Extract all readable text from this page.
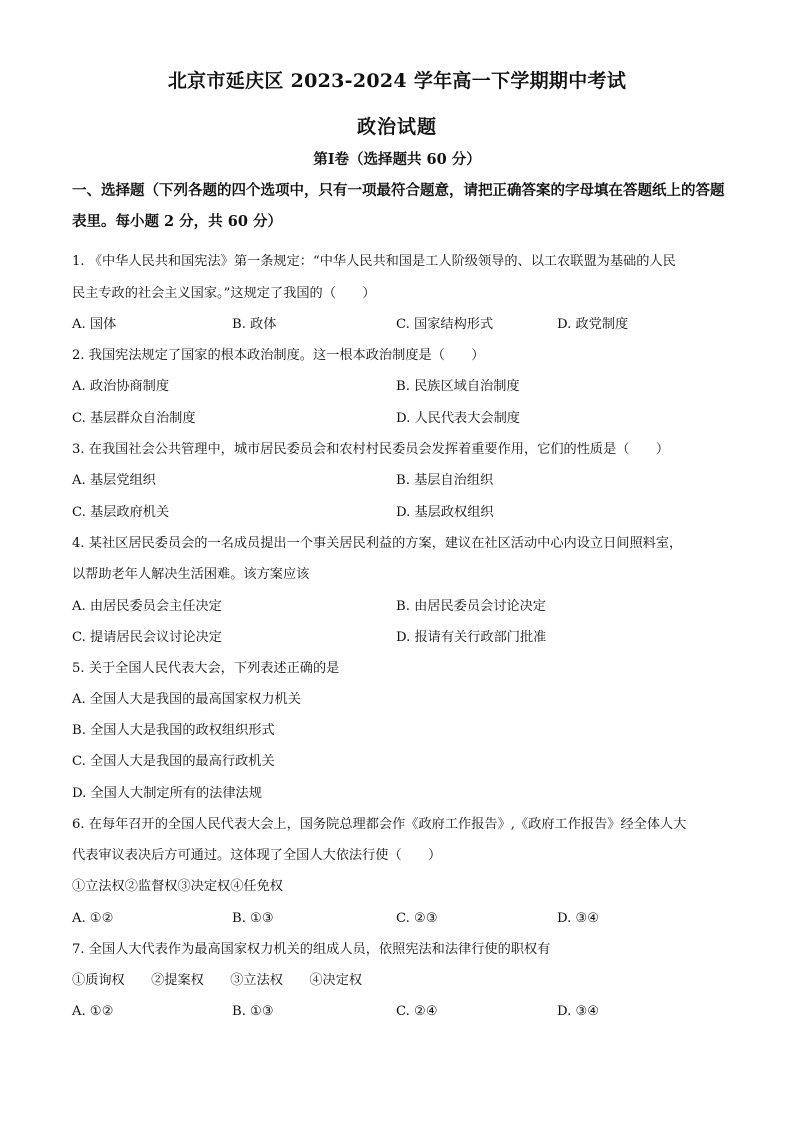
北京市延庆区 2023-2024 学年高一下学期期中考试
政治试题
第Ⅰ卷（选择题共 60 分）
一、选择题（下列各题的四个选项中，只有一项最符合题意，请把正确答案的字母填在答题纸上的答题表里。每小题 2 分，共 60 分）
1. 《中华人民共和国宪法》第一条规定：“中华人民共和国是工人阶级领导的、以工农联盟为基础的人民
民主专政的社会主义国家。”这规定了我国的（　　）
A. 国体	B. 政体	C. 国家结构形式	D. 政党制度
2. 我国宪法规定了国家的根本政治制度。这一根本政治制度是（　　）
A. 政治协商制度	B. 民族区域自治制度
C. 基层群众自治制度	D. 人民代表大会制度
3. 在我国社会公共管理中，城市居民委员会和农村村民委员会发挥着重要作用，它们的性质是（　　）
A. 基层党组织	B. 基层自治组织
C. 基层政府机关	D. 基层政权组织
4. 某社区居民委员会的一名成员提出一个事关居民利益的方案，建议在社区活动中心内设立日间照料室，
以帮助老年人解决生活困难。该方案应该
A. 由居民委员会主任决定	B. 由居民委员会讨论决定
C. 提请居民会议讨论决定	D. 报请有关行政部门批准
5. 关于全国人民代表大会，下列表述正确的是
A. 全国人大是我国的最高国家权力机关
B. 全国人大是我国的政权组织形式
C. 全国人大是我国的最高行政机关
D. 全国人大制定所有的法律法规
6. 在每年召开的全国人民代表大会上，国务院总理都会作《政府工作报告》,《政府工作报告》经全体人大
代表审议表决后方可通过。这体现了全国人大依法行使（　　）
①立法权②监督权③决定权④任免权
A. ①②	B. ①③	C. ②③	D. ③④
7. 全国人大代表作为最高国家权力机关的组成人员，依照宪法和法律行使的职权有
①质询权　　②提案权　　③立法权　　④决定权
A. ①②	B. ①③	C. ②④	D. ③④
